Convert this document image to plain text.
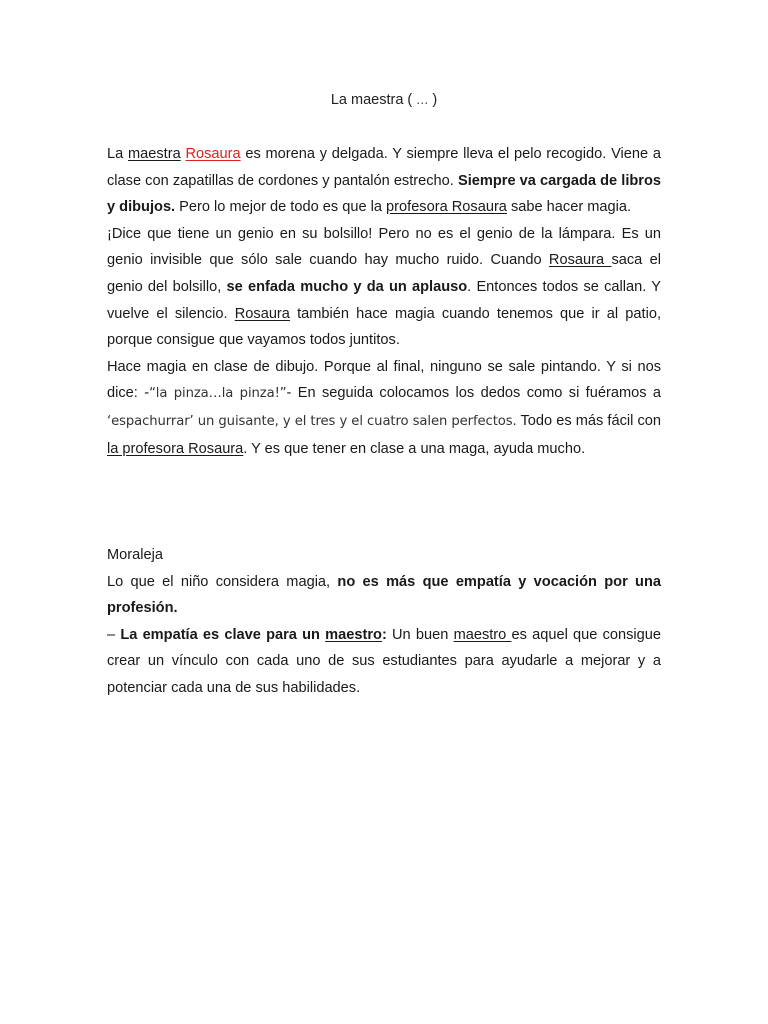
La maestra ( … )

La maestra Rosaura es morena y delgada. Y siempre lleva el pelo recogido. Viene a clase con zapatillas de cordones y pantalón estrecho. Siempre va cargada de libros y dibujos. Pero lo mejor de todo es que la profesora Rosaura sabe hacer magia.

¡Dice que tiene un genio en su bolsillo! Pero no es el genio de la lámpara. Es un genio invisible que sólo sale cuando hay mucho ruido. Cuando Rosaura saca el genio del bolsillo, se enfada mucho y da un aplauso. Entonces todos se callan. Y vuelve el silencio. Rosaura también hace magia cuando tenemos que ir al patio, porque consigue que vayamos todos juntitos.

Hace magia en clase de dibujo. Porque al final, ninguno se sale pintando. Y si nos dice: -“la pinza…la pinza!”- En seguida colocamos los dedos como si fuéramos a ‘espachurrar’ un guisante, y el tres y el cuatro salen perfectos. Todo es más fácil con la profesora Rosaura. Y es que tener en clase a una maga, ayuda mucho.

Moraleja

Lo que el niño considera magia, no es más que empatía y vocación por una profesión.

– La empatía es clave para un maestro: Un buen maestro es aquel que consigue crear un vínculo con cada uno de sus estudiantes para ayudarle a mejorar y a potenciar cada una de sus habilidades.
